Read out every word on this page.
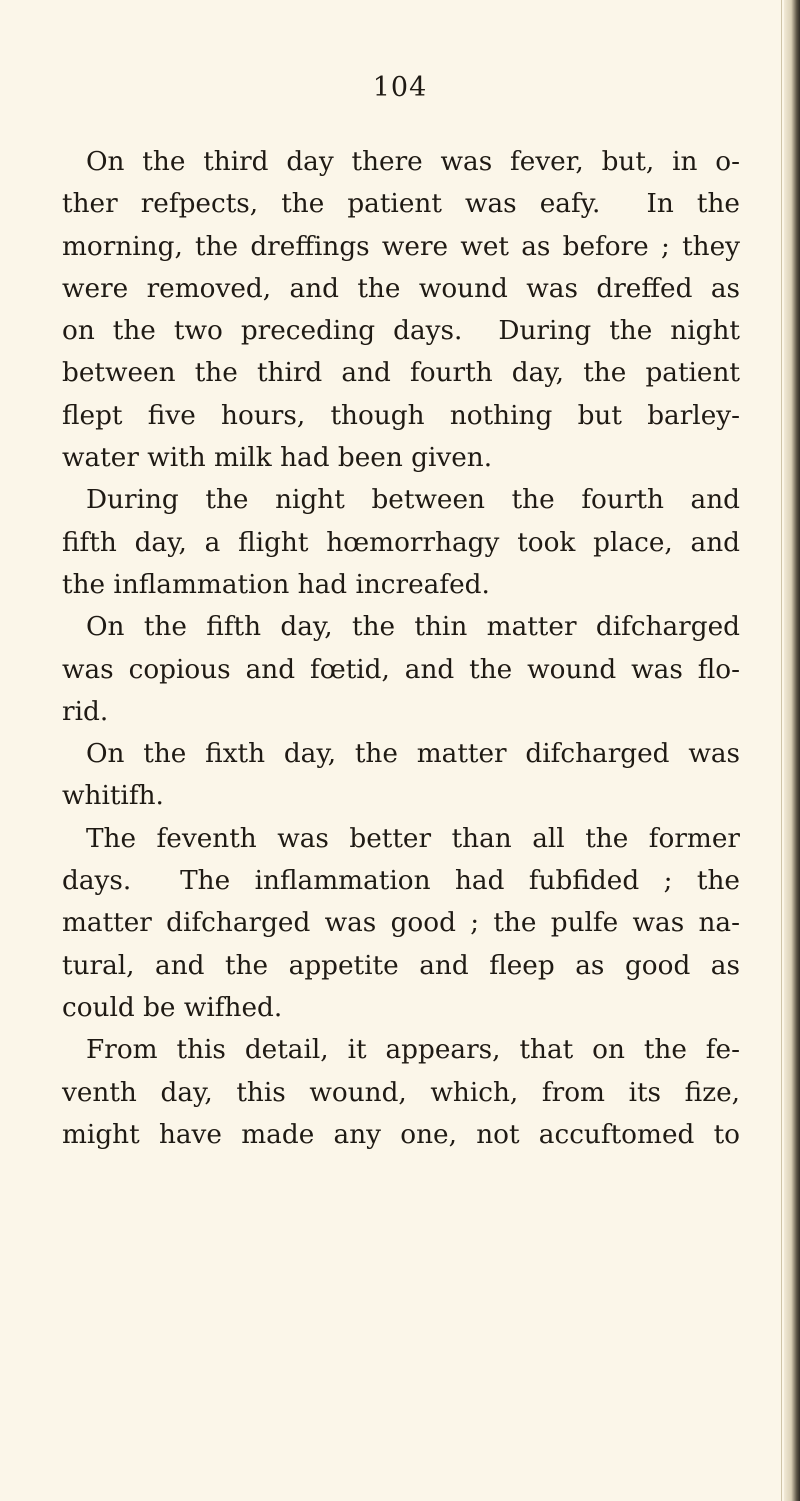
104
On the third day there was fever, but, in o-
ther refpects, the patient was eafy.  In the
morning, the dreffings were wet as before ; they
were removed, and the wound was dreffed as
on the two preceding days.  During the night
between the third and fourth day, the patient
flept five hours, though nothing but barley-
water with milk had been given.
During the night between the fourth and
fifth day, a flight hœmorrhagy took place, and
the inflammation had increafed.
On the fifth day, the thin matter difcharged
was copious and fœtid, and the wound was flo-
rid.
On the fixth day, the matter difcharged was
whitifh.
The feventh was better than all the former
days.  The inflammation had fubfided ; the
matter difcharged was good ; the pulfe was na-
tural, and the appetite and fleep as good as
could be wifhed.
From this detail, it appears, that on the fe-
venth day, this wound, which, from its fize,
might have made any one, not accuftomed to
